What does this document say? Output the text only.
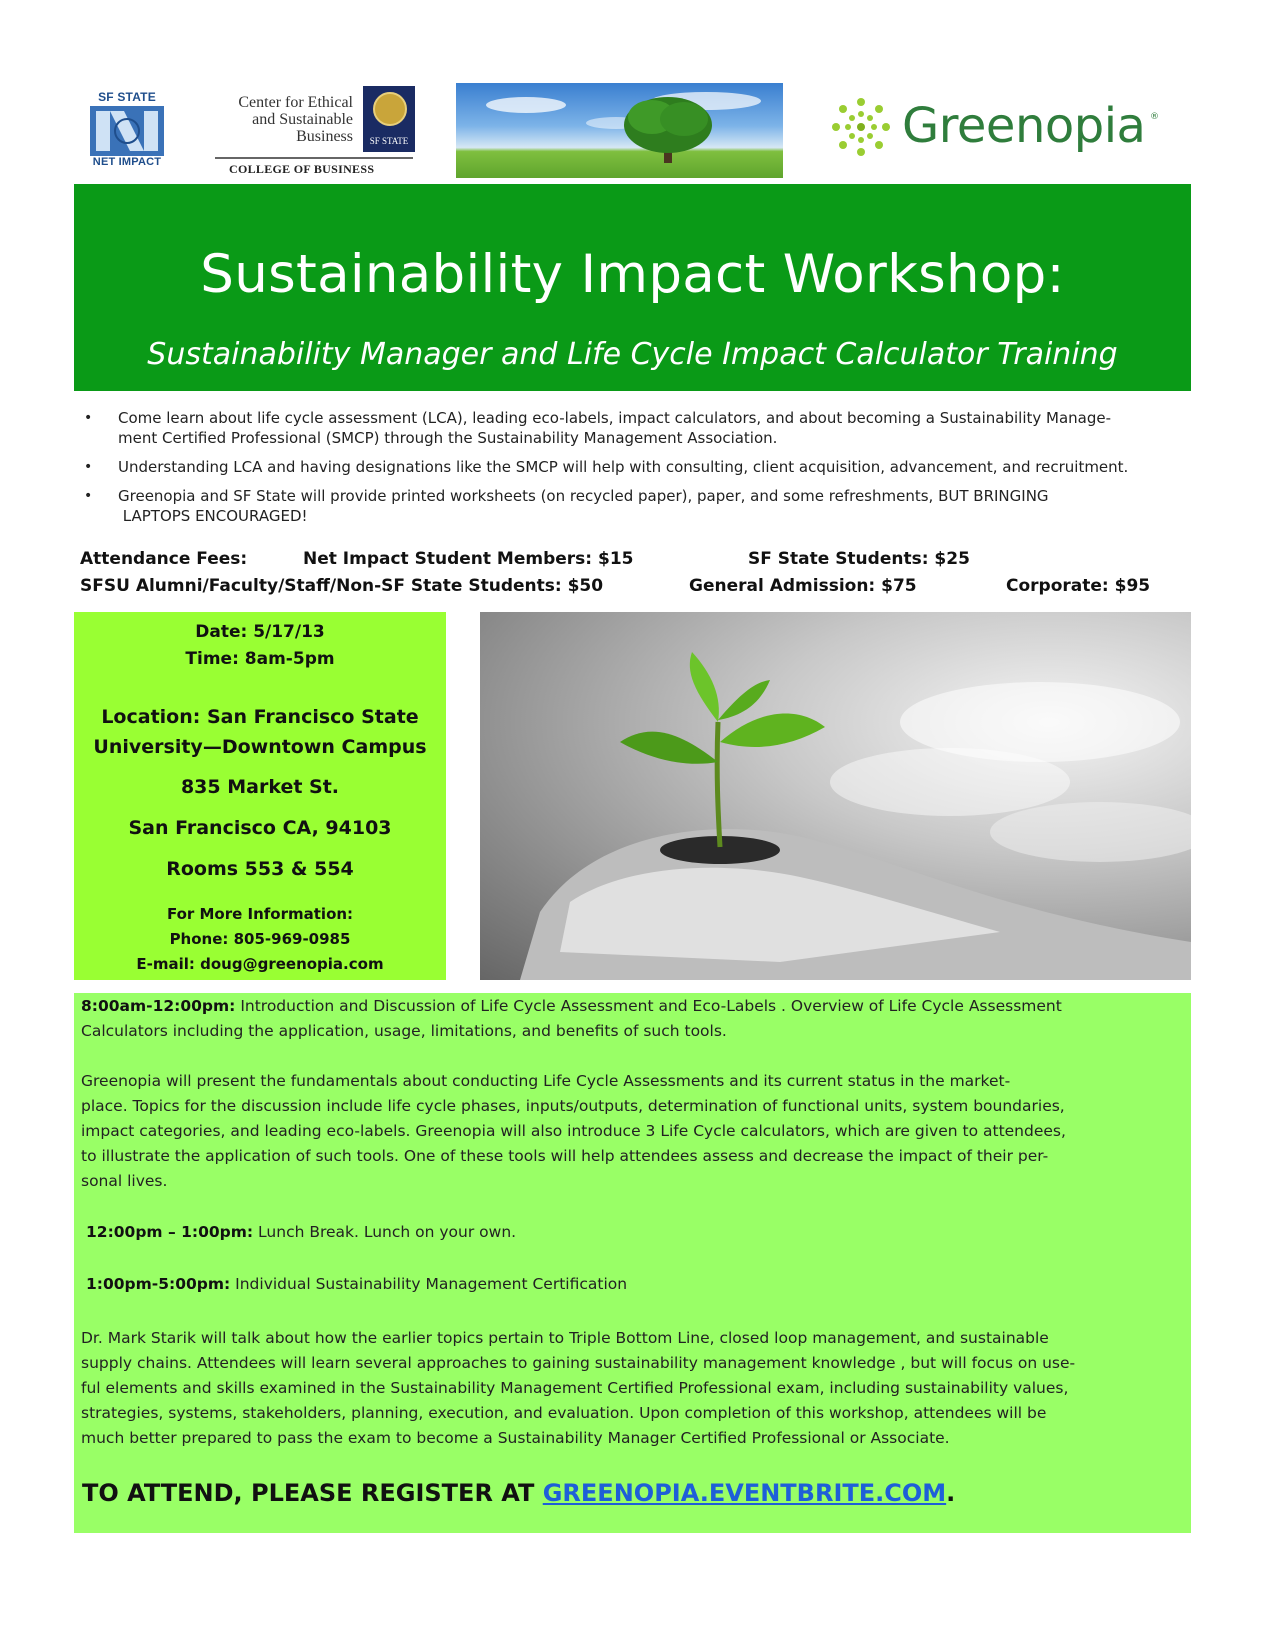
SF STATE
NET IMPACT
Center for Ethical
and Sustainable
Business	SF STATE
COLLEGE OF BUSINESS
Greenopia ®
Sustainability Impact Workshop:
Sustainability Manager and Life Cycle Impact Calculator Training
• Come learn about life cycle assessment (LCA), leading eco-labels, impact calculators, and about becoming a Sustainability Manage-
ment Certified Professional (SMCP) through the Sustainability Management Association.
• Understanding LCA and having designations like the SMCP will help with consulting, client acquisition, advancement, and recruitment.
• Greenopia and SF State will provide printed worksheets (on recycled paper), paper, and some refreshments, BUT BRINGING
LAPTOPS ENCOURAGED!
Attendance Fees:	Net Impact Student Members: $15	SF State Students: $25
SFSU Alumni/Faculty/Staff/Non-SF State Students: $50	General Admission: $75	Corporate: $95
Date: 5/17/13
Time: 8am-5pm
Location: San Francisco State
University—Downtown Campus
835 Market St.
San Francisco CA, 94103
Rooms 553 & 554
For More Information:
Phone: 805-969-0985
E-mail: doug@greenopia.com

8:00am-12:00pm: Introduction and Discussion of Life Cycle Assessment and Eco-Labels . Overview of Life Cycle Assessment
Calculators including the application, usage, limitations, and benefits of such tools.

Greenopia will present the fundamentals about conducting Life Cycle Assessments and its current status in the market-
place. Topics for the discussion include life cycle phases, inputs/outputs, determination of functional units, system boundaries,
impact categories, and leading eco-labels. Greenopia will also introduce 3 Life Cycle calculators, which are given to attendees,
to illustrate the application of such tools. One of these tools will help attendees assess and decrease the impact of their per-
sonal lives.

12:00pm – 1:00pm: Lunch Break. Lunch on your own.

1:00pm-5:00pm: Individual Sustainability Management Certification

Dr. Mark Starik will talk about how the earlier topics pertain to Triple Bottom Line, closed loop management, and sustainable
supply chains. Attendees will learn several approaches to gaining sustainability management knowledge , but will focus on use-
ful elements and skills examined in the Sustainability Management Certified Professional exam, including sustainability values,
strategies, systems, stakeholders, planning, execution, and evaluation. Upon completion of this workshop, attendees will be
much better prepared to pass the exam to become a Sustainability Manager Certified Professional or Associate.

TO ATTEND, PLEASE REGISTER AT GREENOPIA.EVENTBRITE.COM.
